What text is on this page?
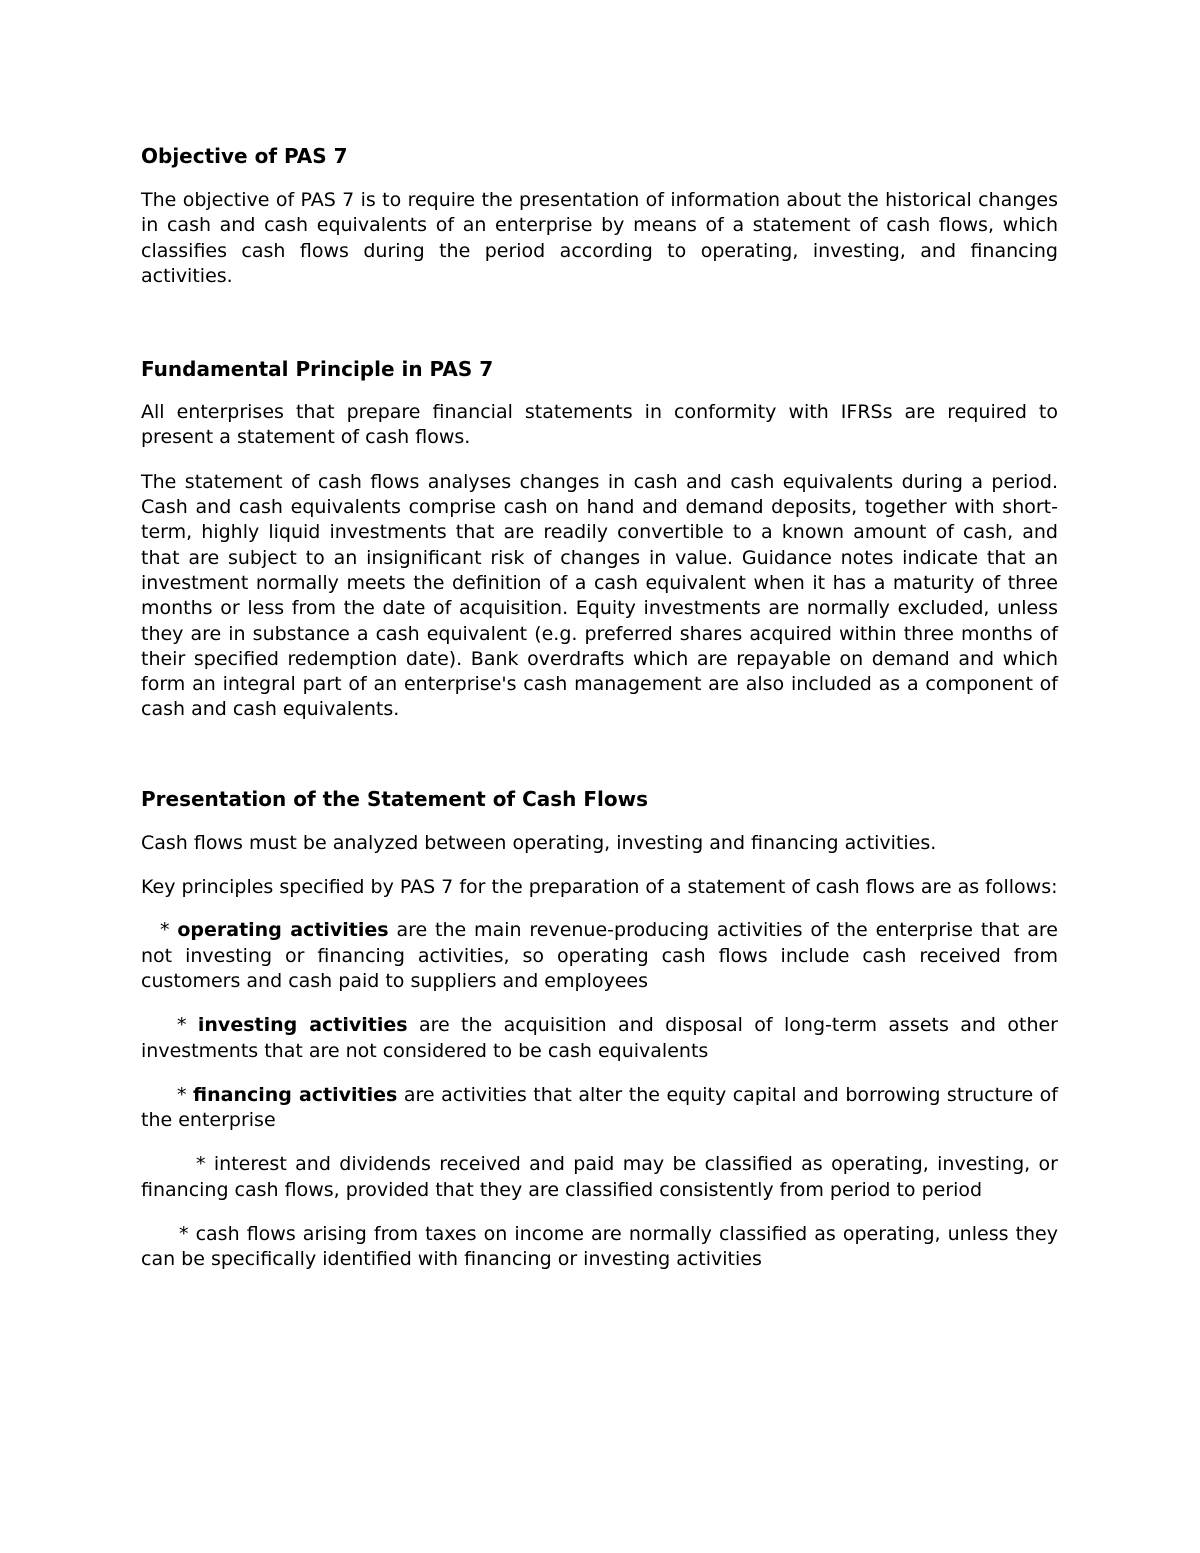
Objective of PAS 7

The objective of PAS 7 is to require the presentation of information about the historical changes in cash and cash equivalents of an enterprise by means of a statement of cash flows, which classifies cash flows during the period according to operating, investing, and financing activities.

Fundamental Principle in PAS 7

All enterprises that prepare financial statements in conformity with IFRSs are required to present a statement of cash flows.

The statement of cash flows analyses changes in cash and cash equivalents during a period. Cash and cash equivalents comprise cash on hand and demand deposits, together with short-term, highly liquid investments that are readily convertible to a known amount of cash, and that are subject to an insignificant risk of changes in value. Guidance notes indicate that an investment normally meets the definition of a cash equivalent when it has a maturity of three months or less from the date of acquisition. Equity investments are normally excluded, unless they are in substance a cash equivalent (e.g. preferred shares acquired within three months of their specified redemption date). Bank overdrafts which are repayable on demand and which form an integral part of an enterprise's cash management are also included as a component of cash and cash equivalents.

Presentation of the Statement of Cash Flows

Cash flows must be analyzed between operating, investing and financing activities.

Key principles specified by PAS 7 for the preparation of a statement of cash flows are as follows:

* operating activities are the main revenue-producing activities of the enterprise that are not investing or financing activities, so operating cash flows include cash received from customers and cash paid to suppliers and employees

* investing activities are the acquisition and disposal of long-term assets and other investments that are not considered to be cash equivalents

* financing activities are activities that alter the equity capital and borrowing structure of the enterprise

* interest and dividends received and paid may be classified as operating, investing, or financing cash flows, provided that they are classified consistently from period to period

* cash flows arising from taxes on income are normally classified as operating, unless they can be specifically identified with financing or investing activities
